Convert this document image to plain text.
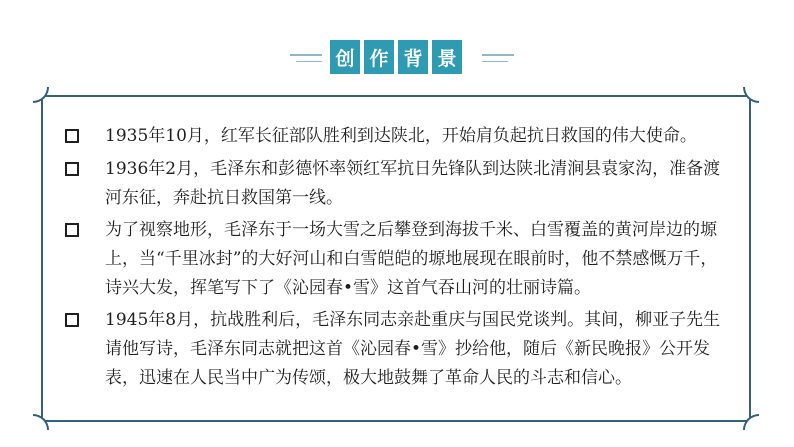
创 作 背 景
1935年10月，红军长征部队胜利到达陕北，开始肩负起抗日救国的伟大使命。
1936年2月，毛泽东和彭德怀率领红军抗日先锋队到达陕北清涧县袁家沟，准备渡河东征，奔赴抗日救国第一线。
为了视察地形，毛泽东于一场大雪之后攀登到海拔千米、白雪覆盖的黄河岸边的塬上，当“千里冰封”的大好河山和白雪皑皑的塬地展现在眼前时，他不禁感慨万千，诗兴大发，挥笔写下了《沁园春•雪》这首气吞山河的壮丽诗篇。
1945年8月，抗战胜利后，毛泽东同志亲赴重庆与国民党谈判。其间，柳亚子先生请他写诗，毛泽东同志就把这首《沁园春•雪》抄给他，随后《新民晚报》公开发表，迅速在人民当中广为传颂，极大地鼓舞了革命人民的斗志和信心。
